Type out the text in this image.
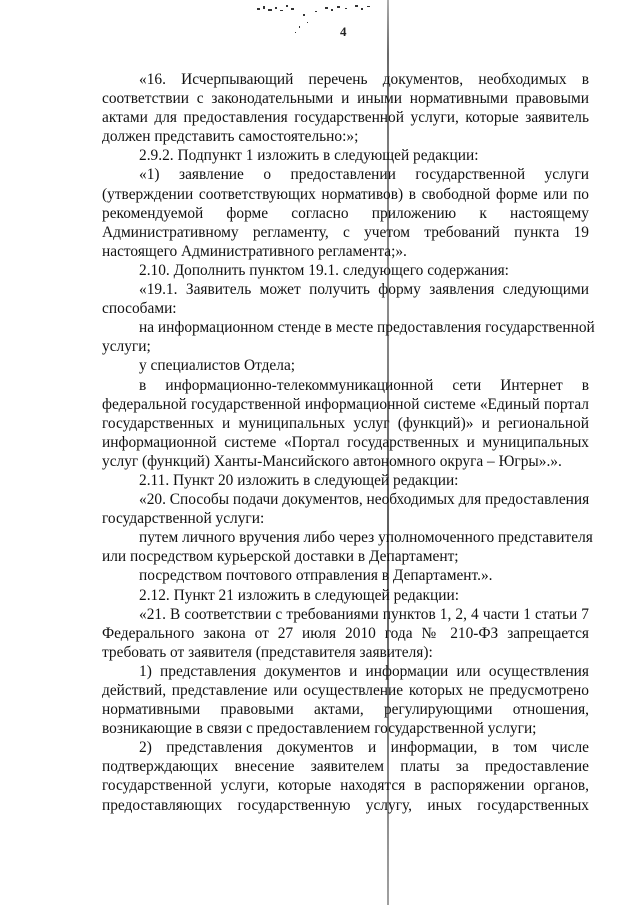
4

«16. Исчерпывающий перечень документов, необходимых в

соответствии с законодательными и иными нормативными правовыми

актами для предоставления государственной услуги, которые заявитель

должен представить самостоятельно:»;

2.9.2. Подпункт 1 изложить в следующей редакции:

«1) заявление о предоставлении государственной услуги

(утверждении соответствующих нормативов) в свободной форме или по

рекомендуемой форме согласно приложению к настоящему

Административному регламенту, с учетом требований пункта 19

настоящего Административного регламента;».

2.10. Дополнить пунктом 19.1. следующего содержания:

«19.1. Заявитель может получить форму заявления следующими

способами:

на информационном стенде в месте предоставления государственной

услуги;

у специалистов Отдела;

в информационно-телекоммуникационной сети Интернет в

федеральной государственной информационной системе «Единый портал

государственных и муниципальных услуг (функций)» и региональной

информационной системе «Портал государственных и муниципальных

услуг (функций) Ханты-Мансийского автономного округа – Югры».».

2.11. Пункт 20 изложить в следующей редакции:

«20. Способы подачи документов, необходимых для предоставления

государственной услуги:

путем личного вручения либо через уполномоченного представителя

или посредством курьерской доставки в Департамент;

посредством почтового отправления в Департамент.».

2.12. Пункт 21 изложить в следующей редакции:

«21. В соответствии с требованиями пунктов 1, 2, 4 части 1 статьи 7

Федерального закона от 27 июля 2010 года № 210-ФЗ запрещается

требовать от заявителя (представителя заявителя):

1) представления документов и информации или осуществления

действий, представление или осуществление которых не предусмотрено

нормативными правовыми актами, регулирующими отношения,

возникающие в связи с предоставлением государственной услуги;

2) представления документов и информации, в том числе

подтверждающих внесение заявителем платы за предоставление

государственной услуги, которые находятся в распоряжении органов,

предоставляющих государственную услугу, иных государственных
